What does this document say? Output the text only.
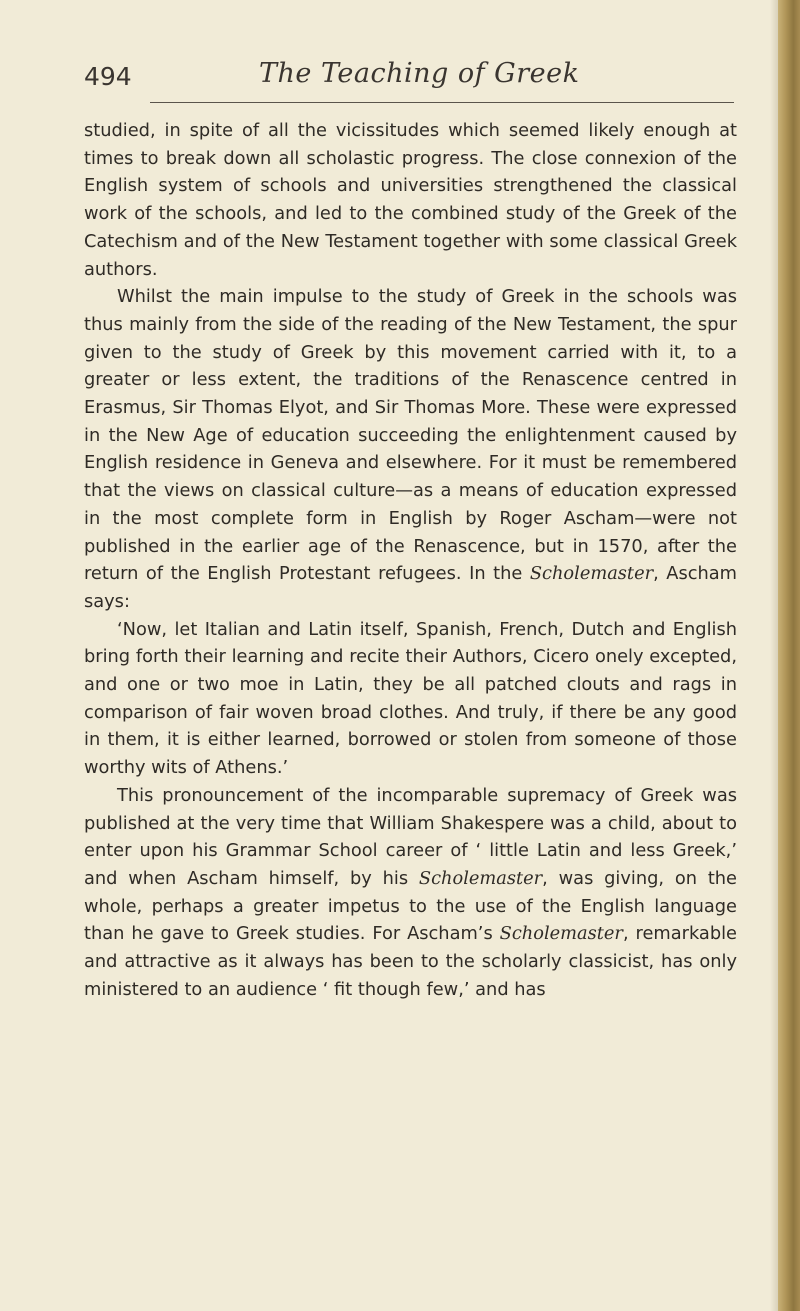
494	The Teaching of Greek

studied, in spite of all the vicissitudes which seemed likely enough at times to break down all scholastic progress. The close connexion of the English system of schools and universities strengthened the classical work of the schools, and led to the combined study of the Greek of the Catechism and of the New Testament together with some classical Greek authors.

Whilst the main impulse to the study of Greek in the schools was thus mainly from the side of the reading of the New Testament, the spur given to the study of Greek by this movement carried with it, to a greater or less extent, the traditions of the Renascence centred in Erasmus, Sir Thomas Elyot, and Sir Thomas More. These were expressed in the New Age of education succeeding the enlightenment caused by English residence in Geneva and elsewhere. For it must be remembered that the views on classical culture—as a means of education expressed in the most complete form in English by Roger Ascham—were not published in the earlier age of the Renascence, but in 1570, after the return of the English Protestant refugees. In the Scholemaster, Ascham says:

‘Now, let Italian and Latin itself, Spanish, French, Dutch and English bring forth their learning and recite their Authors, Cicero onely excepted, and one or two moe in Latin, they be all patched clouts and rags in comparison of fair woven broad clothes. And truly, if there be any good in them, it is either learned, borrowed or stolen from someone of those worthy wits of Athens.’

This pronouncement of the incomparable supremacy of Greek was published at the very time that William Shakespere was a child, about to enter upon his Grammar School career of ‘ little Latin and less Greek,’ and when Ascham himself, by his Scholemaster, was giving, on the whole, perhaps a greater impetus to the use of the English language than he gave to Greek studies. For Ascham’s Scholemaster, remarkable and attractive as it always has been to the scholarly classicist, has only ministered to an audience ‘ fit though few,’ and has
